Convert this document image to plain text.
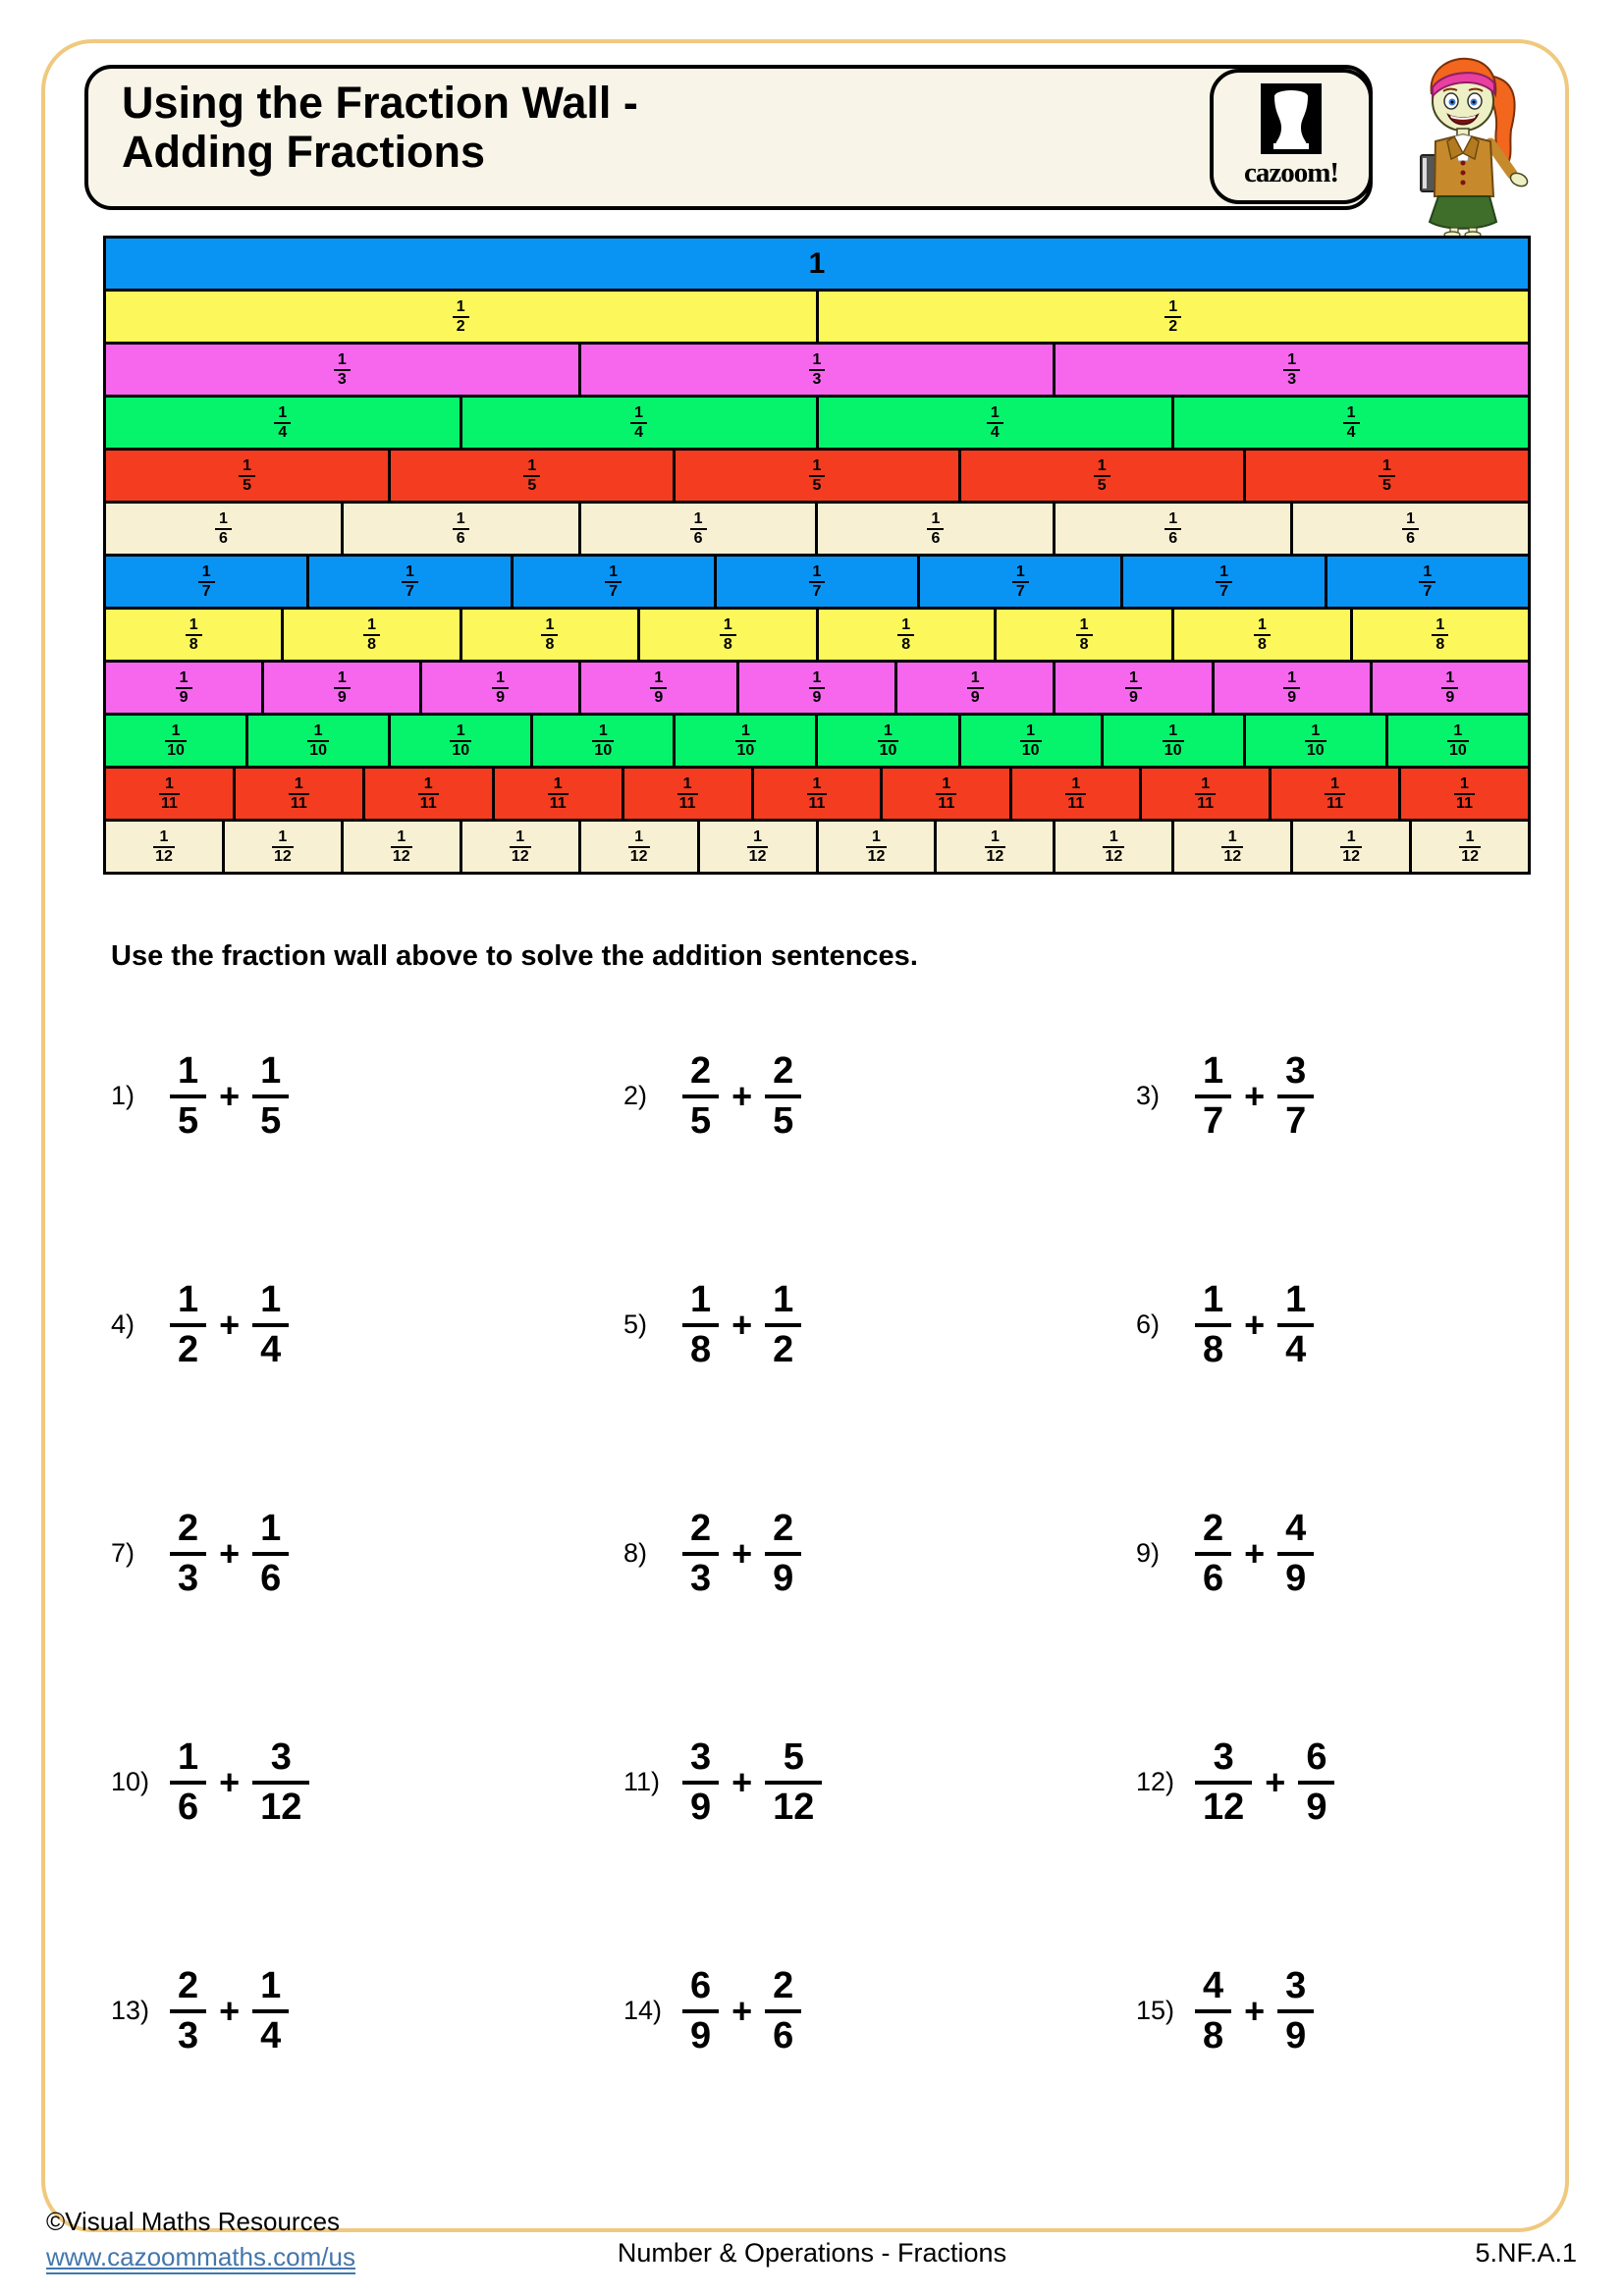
Using the Fraction Wall -
Adding Fractions	cazoom!
1
$\frac{1}{2}$	$\frac{1}{2}$
$\frac{1}{3}$	$\frac{1}{3}$	$\frac{1}{3}$
$\frac{1}{4}$	$\frac{1}{4}$	$\frac{1}{4}$	$\frac{1}{4}$
$\frac{1}{5}$	$\frac{1}{5}$	$\frac{1}{5}$	$\frac{1}{5}$	$\frac{1}{5}$
$\frac{1}{6}$	$\frac{1}{6}$	$\frac{1}{6}$	$\frac{1}{6}$	$\frac{1}{6}$	$\frac{1}{6}$
$\frac{1}{7}$	$\frac{1}{7}$	$\frac{1}{7}$	$\frac{1}{7}$	$\frac{1}{7}$	$\frac{1}{7}$	$\frac{1}{7}$
$\frac{1}{8}$	$\frac{1}{8}$	$\frac{1}{8}$	$\frac{1}{8}$	$\frac{1}{8}$	$\frac{1}{8}$	$\frac{1}{8}$	$\frac{1}{8}$
$\frac{1}{9}$	$\frac{1}{9}$	$\frac{1}{9}$	$\frac{1}{9}$	$\frac{1}{9}$	$\frac{1}{9}$	$\frac{1}{9}$	$\frac{1}{9}$	$\frac{1}{9}$
$\frac{1}{10}$	$\frac{1}{10}$	$\frac{1}{10}$	$\frac{1}{10}$	$\frac{1}{10}$	$\frac{1}{10}$	$\frac{1}{10}$	$\frac{1}{10}$	$\frac{1}{10}$	$\frac{1}{10}$
$\frac{1}{11}$	$\frac{1}{11}$	$\frac{1}{11}$	$\frac{1}{11}$	$\frac{1}{11}$	$\frac{1}{11}$	$\frac{1}{11}$	$\frac{1}{11}$	$\frac{1}{11}$	$\frac{1}{11}$	$\frac{1}{11}$
$\frac{1}{12}$	$\frac{1}{12}$	$\frac{1}{12}$	$\frac{1}{12}$	$\frac{1}{12}$	$\frac{1}{12}$	$\frac{1}{12}$	$\frac{1}{12}$	$\frac{1}{12}$	$\frac{1}{12}$	$\frac{1}{12}$	$\frac{1}{12}$
Use the fraction wall above to solve the addition sentences.
$1) \frac{1}{5} + \frac{1}{5}$	$2) \frac{2}{5} + \frac{2}{5}$	$3) \frac{1}{7} + \frac{3}{7}$
$4) \frac{1}{2} + \frac{1}{4}$	$5) \frac{1}{8} + \frac{1}{2}$	$6) \frac{1}{8} + \frac{1}{4}$
$7) \frac{2}{3} + \frac{1}{6}$	$8) \frac{2}{3} + \frac{2}{9}$	$9) \frac{2}{6} + \frac{4}{9}$
$10) \frac{1}{6} + \frac{3}{12}$	$11) \frac{3}{9} + \frac{5}{12}$	$12) \frac{3}{12} + \frac{6}{9}$
$13) \frac{2}{3} + \frac{1}{4}$	$14) \frac{6}{9} + \frac{2}{6}$	$15) \frac{4}{8} + \frac{3}{9}$
©Visual Maths Resources
www.cazoommaths.com/us	Number & Operations - Fractions	5.NF.A.1
